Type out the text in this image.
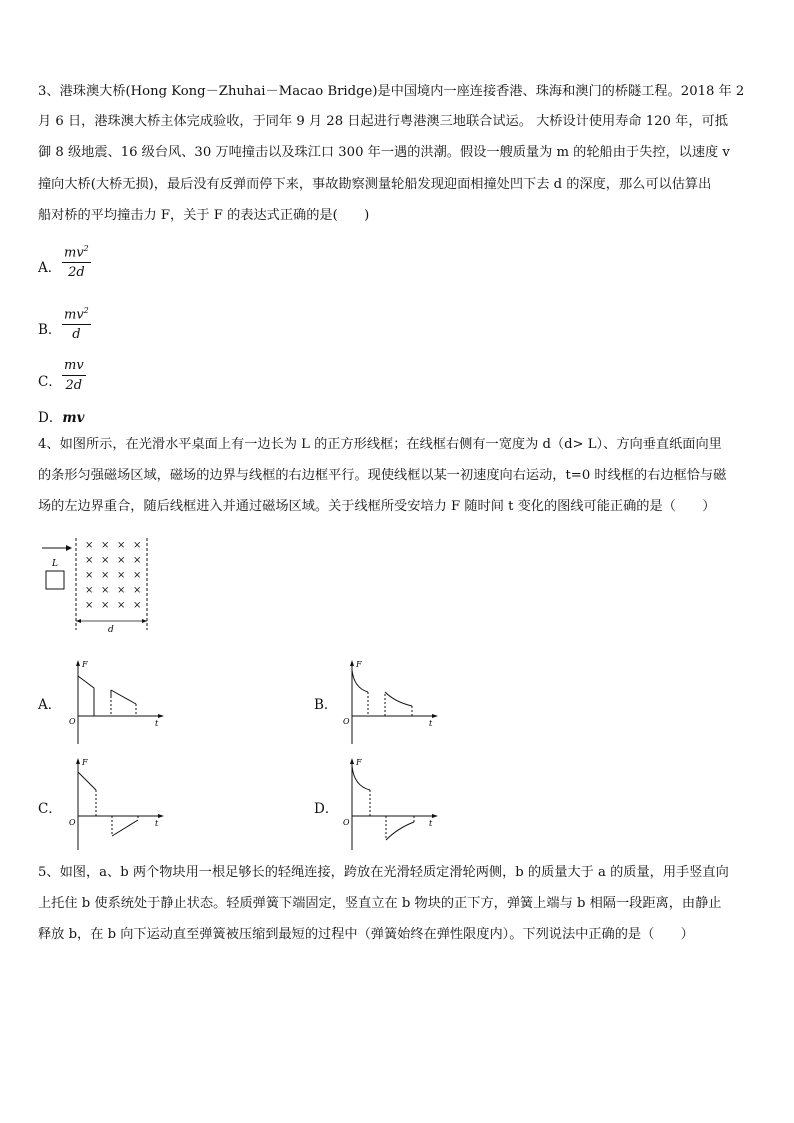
3、港珠澳大桥(Hong Kong－Zhuhai－Macao Bridge)是中国境内一座连接香港、珠海和澳门的桥隧工程。2018 年 2
月 6 日，港珠澳大桥主体完成验收，于同年 9 月 28 日起进行粤港澳三地联合试运。 大桥设计使用寿命 120 年，可抵
御 8 级地震、16 级台风、30 万吨撞击以及珠江口 300 年一遇的洪潮。假设一艘质量为 m 的轮船由于失控，以速度 v
撞向大桥(大桥无损)，最后没有反弹而停下来，事故勘察测量轮船发现迎面相撞处凹下去 d 的深度，那么可以估算出
船对桥的平均撞击力 F，关于 F 的表达式正确的是(　　)
A．
$mv^2$
2d
B．
$mv^2$
d
C．
mv
2d
D．mv
4、如图所示，在光滑水平桌面上有一边长为 L 的正方形线框；在线框右侧有一宽度为 d（d> L）、方向垂直纸面向里
的条形匀强磁场区域，磁场的边界与线框的右边框平行。现使线框以某一初速度向右运动，t=0 时线框的右边框恰与磁
场的左边界重合，随后线框进入并通过磁场区域。关于线框所受安培力 F 随时间 t 变化的图线可能正确的是（　　）
L
× × × ×
× × × ×
× × × ×
× × × ×
× × × ×
d
A．
F
O	t
B．
F
O	t
C．
F
O	t
D．
F
O	t
5、如图，a、b 两个物块用一根足够长的轻绳连接，跨放在光滑轻质定滑轮两侧，b 的质量大于 a 的质量，用手竖直向
上托住 b 使系统处于静止状态。轻质弹簧下端固定，竖直立在 b 物块的正下方，弹簧上端与 b 相隔一段距离，由静止
释放 b，在 b 向下运动直至弹簧被压缩到最短的过程中（弹簧始终在弹性限度内）。下列说法中正确的是（　　）
